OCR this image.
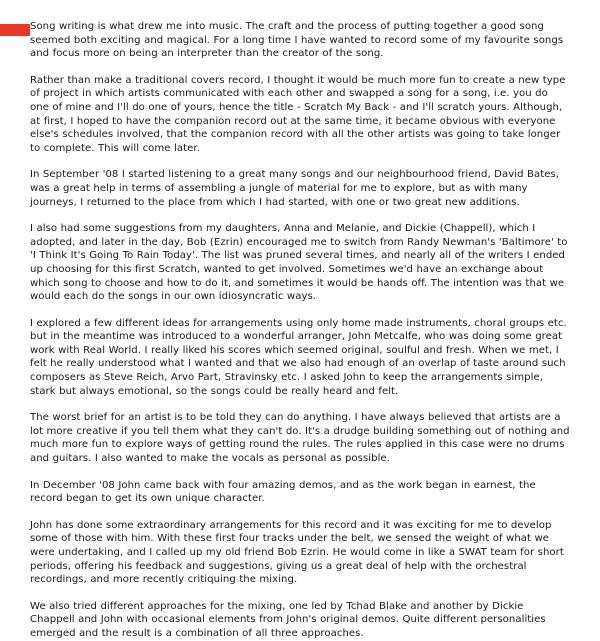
Song writing is what drew me into music. The craft and the process of putting together a good song seemed both exciting and magical. For a long time I have wanted to record some of my favourite songs and focus more on being an interpreter than the creator of the song.

Rather than make a traditional covers record, I thought it would be much more fun to create a new type of project in which artists communicated with each other and swapped a song for a song, i.e. you do one of mine and I'll do one of yours, hence the title - Scratch My Back - and I'll scratch yours. Although, at first, I hoped to have the companion record out at the same time, it became obvious with everyone else's schedules involved, that the companion record with all the other artists was going to take longer to complete. This will come later.

In September '08 I started listening to a great many songs and our neighbourhood friend, David Bates, was a great help in terms of assembling a jungle of material for me to explore, but as with many journeys, I returned to the place from which I had started, with one or two great new additions.

I also had some suggestions from my daughters, Anna and Melanie, and Dickie (Chappell), which I adopted, and later in the day, Bob (Ezrin) encouraged me to switch from Randy Newman's 'Baltimore' to 'I Think It's Going To Rain Today'. The list was pruned several times, and nearly all of the writers I ended up choosing for this first Scratch, wanted to get involved. Sometimes we'd have an exchange about which song to choose and how to do it, and sometimes it would be hands off. The intention was that we would each do the songs in our own idiosyncratic ways.

I explored a few different ideas for arrangements using only home made instruments, choral groups etc. but in the meantime was introduced to a wonderful arranger, John Metcalfe, who was doing some great work with Real World. I really liked his scores which seemed original, soulful and fresh. When we met, I felt he really understood what I wanted and that we also had enough of an overlap of taste around such composers as Steve Reich, Arvo Part, Stravinsky etc. I asked John to keep the arrangements simple, stark but always emotional, so the songs could be really heard and felt.

The worst brief for an artist is to be told they can do anything. I have always believed that artists are a lot more creative if you tell them what they can't do. It's a drudge building something out of nothing and much more fun to explore ways of getting round the rules. The rules applied in this case were no drums and guitars. I also wanted to make the vocals as personal as possible.

In December '08 John came back with four amazing demos, and as the work began in earnest, the record began to get its own unique character.

John has done some extraordinary arrangements for this record and it was exciting for me to develop some of those with him. With these first four tracks under the belt, we sensed the weight of what we were undertaking, and I called up my old friend Bob Ezrin. He would come in like a SWAT team for short periods, offering his feedback and suggestions, giving us a great deal of help with the orchestral recordings, and more recently critiquing the mixing.

We also tried different approaches for the mixing, one led by Tchad Blake and another by Dickie Chappell and John with occasional elements from John's original demos. Quite different personalities emerged and the result is a combination of all three approaches.
